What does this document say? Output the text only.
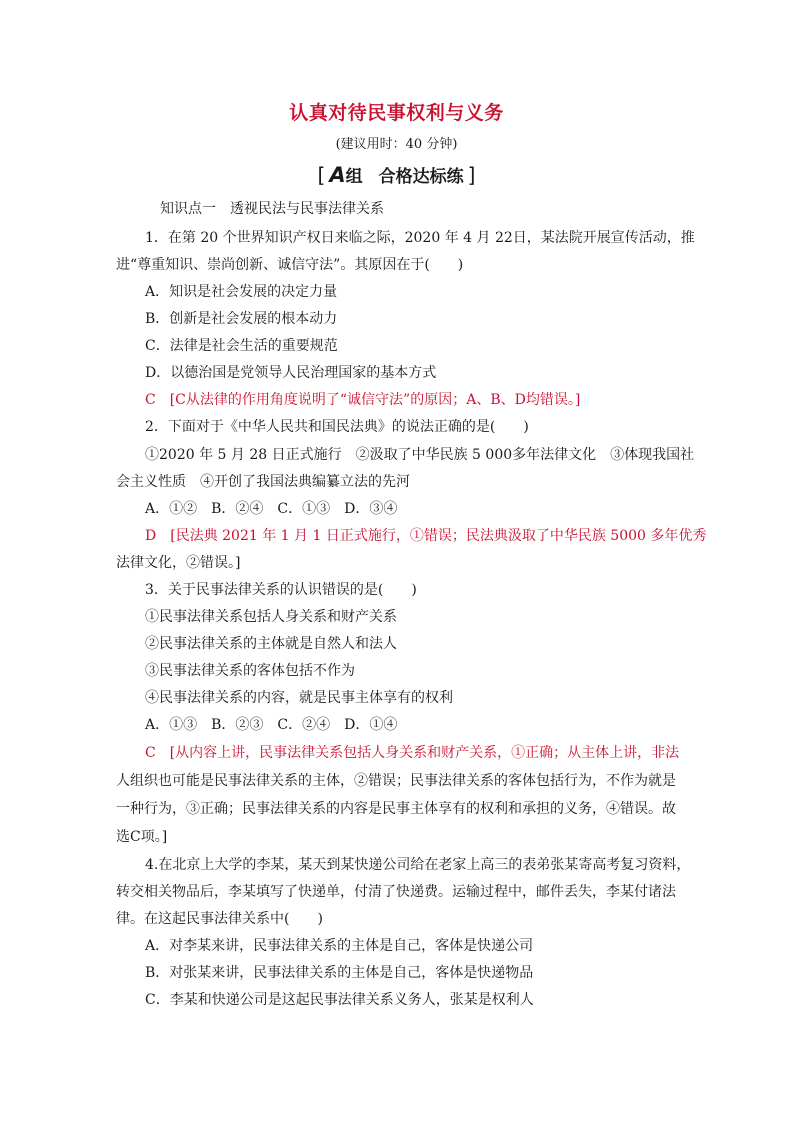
认真对待民事权利与义务
(建议用时：40 分钟)
[ A组 合格达标练 ]
知识点一　透视民法与民事法律关系
1．在第 20 个世界知识产权日来临之际，2020 年 4 月 22日，某法院开展宣传活动，推
进“尊重知识、崇尚创新、诚信守法”。其原因在于(　　)
A．知识是社会发展的决定力量
B．创新是社会发展的根本动力
C．法律是社会生活的重要规范
D．以德治国是党领导人民治理国家的基本方式
C　 [C从法律的作用角度说明了“诚信守法”的原因；A、B、D均错误。]
2．下面对于《中华人民共和国民法典》的说法正确的是(　　)
①2020 年 5 月 28 日正式施行　②汲取了中华民族 5 000多年法律文化　③体现我国社
会主义性质　④开创了我国法典编纂立法的先河
A．①②　B．②④　C．①③　D．③④
D　 [民法典 2021 年 1 月 1 日正式施行，①错误；民法典汲取了中华民族 5000 多年优秀
法律文化，②错误。]
3．关于民事法律关系的认识错误的是(　　)
①民事法律关系包括人身关系和财产关系
②民事法律关系的主体就是自然人和法人
③民事法律关系的客体包括不作为
④民事法律关系的内容，就是民事主体享有的权利
A．①③　B．②③　C．②④　D．①④
C　 [从内容上讲，民事法律关系包括人身关系和财产关系，①正确；从主体上讲，非法
人组织也可能是民事法律关系的主体，②错误；民事法律关系的客体包括行为，不作为就是
一种行为，③正确；民事法律关系的内容是民事主体享有的权利和承担的义务，④错误。故
选C项。]
4.在北京上大学的李某，某天到某快递公司给在老家上高三的表弟张某寄高考复习资料，
转交相关物品后，李某填写了快递单，付清了快递费。运输过程中，邮件丢失，李某付诸法
律。在这起民事法律关系中(　　)
A．对李某来讲，民事法律关系的主体是自己，客体是快递公司
B．对张某来讲，民事法律关系的主体是自己，客体是快递物品
C．李某和快递公司是这起民事法律关系义务人，张某是权利人
